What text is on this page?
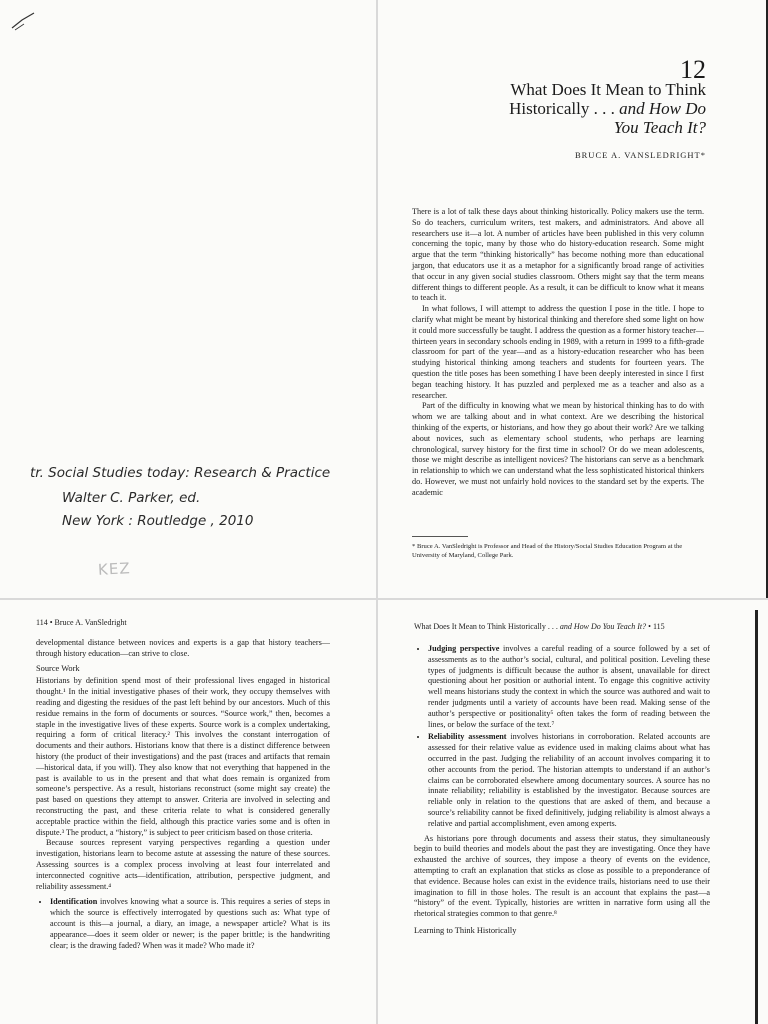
tr. Social Studies today: Research & Practice
Walter C. Parker, ed.
New York : Routledge , 2010
KEZ
12
What Does It Mean to Think
Historically . . . and How Do
You Teach It?
BRUCE A. VANSLEDRIGHT*

There is a lot of talk these days about thinking historically. Policy makers use the term. So do teachers, curriculum writers, test makers, and administrators. And above all researchers use it—a lot. A number of articles have been published in this very column concerning the topic, many by those who do history-education research. Some might argue that the term “thinking historically” has become nothing more than educational jargon, that educators use it as a metaphor for a significantly broad range of activities that occur in any given social studies classroom. Others might say that the term means different things to different people. As a result, it can be difficult to know what it means to teach it.

In what follows, I will attempt to address the question I pose in the title. I hope to clarify what might be meant by historical thinking and therefore shed some light on how it could more successfully be taught. I address the question as a former history teacher—thirteen years in secondary schools ending in 1989, with a return in 1999 to a fifth-grade classroom for part of the year—and as a history-education researcher who has been studying historical thinking among teachers and students for fourteen years. The question the title poses has been something I have been deeply interested in since I first began teaching history. It has puzzled and perplexed me as a teacher and also as a researcher.

Part of the difficulty in knowing what we mean by historical thinking has to do with whom we are talking about and in what context. Are we describing the historical thinking of the experts, or historians, and how they go about their work? Are we talking about novices, such as elementary school students, who perhaps are learning chronological, survey history for the first time in school? Or do we mean adolescents, those we might describe as intelligent novices? The historians can serve as a benchmark in relationship to which we can understand what the less sophisticated historical thinkers do. However, we must not unfairly hold novices to the standard set by the experts. The academic

* Bruce A. VanSledright is Professor and Head of the History/Social Studies Education Program at the University of Maryland, College Park.
114 • Bruce A. VanSledright

developmental distance between novices and experts is a gap that history teachers—through history education—can strive to close.

Source Work

Historians by definition spend most of their professional lives engaged in historical thought.¹ In the initial investigative phases of their work, they occupy themselves with reading and digesting the residues of the past left behind by our ancestors. Much of this residue remains in the form of documents or sources. “Source work,” then, becomes a staple in the investigative lives of these experts. Source work is a complex undertaking, requiring a form of critical literacy.² This involves the constant interrogation of documents and their authors. Historians know that there is a distinct difference between history (the product of their investigations) and the past (traces and artifacts that remain—historical data, if you will). They also know that not everything that happened in the past is available to us in the present and that what does remain is organized from someone’s perspective. As a result, historians reconstruct (some might say create) the past based on questions they attempt to answer. Criteria are involved in selecting and reconstructing the past, and these criteria relate to what is considered generally acceptable practice within the field, although this practice varies some and is often in dispute.³ The product, a “history,” is subject to peer criticism based on those criteria.

Because sources represent varying perspectives regarding a question under investigation, historians learn to become astute at assessing the nature of these sources. Assessing sources is a complex process involving at least four interrelated and interconnected cognitive acts—identification, attribution, perspective judgment, and reliability assessment.⁴

• Identification involves knowing what a source is. This requires a series of steps in which the source is effectively interrogated by questions such as: What type of account is this—a journal, a diary, an image, a newspaper article? What is its appearance—does it seem older or newer; is the paper brittle; is the handwriting clear; is the drawing faded? When was it made? Who made it?
What Does It Mean to Think Historically . . . and How Do You Teach It? • 115
• Judging perspective involves a careful reading of a source followed by a set of assessments as to the author’s social, cultural, and political position. Leveling these types of judgments is difficult because the author is absent, unavailable for direct questioning about her position or authorial intent. To engage this cognitive activity well means historians study the context in which the source was authored and wait to render judgments until a variety of accounts have been read. Making sense of the author’s perspective or positionality⁵ often takes the form of reading between the lines, or below the surface of the text.⁷
• Reliability assessment involves historians in corroboration. Related accounts are assessed for their relative value as evidence used in making claims about what has occurred in the past. Judging the reliability of an account involves comparing it to other accounts from the period. The historian attempts to understand if an author’s claims can be corroborated elsewhere among documentary sources. A source has no innate reliability; reliability is established by the investigator. Because sources are reliable only in relation to the questions that are asked of them, and because a source’s reliability cannot be fixed definitively, judging reliability is almost always a relative and partial accomplishment, even among experts.

As historians pore through documents and assess their status, they simultaneously begin to build theories and models about the past they are investigating. Once they have exhausted the archive of sources, they impose a theory of events on the evidence, attempting to craft an explanation that sticks as close as possible to a preponderance of that evidence. Because holes can exist in the evidence trails, historians need to use their imagination to fill in those holes. The result is an account that explains the past—a “history” of the event. Typically, histories are written in narrative form using all the rhetorical strategies common to that genre.⁸

Learning to Think Historically
